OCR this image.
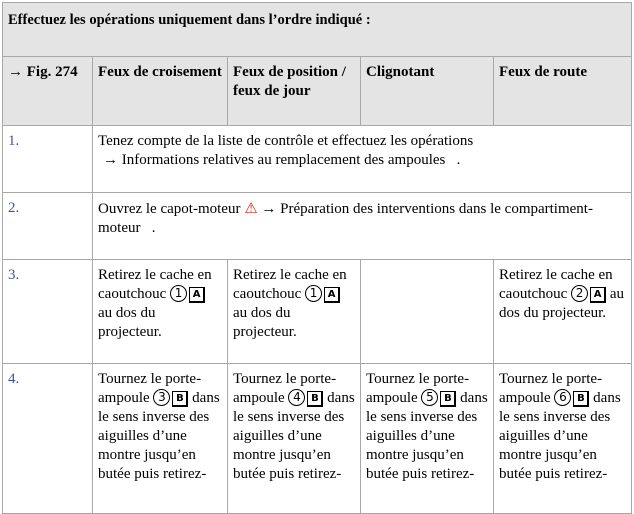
Effectuez les opérations uniquement dans l’ordre indiqué :				
→ Fig. 274	Feux de croisement	Feux de position / feux de jour	Clignotant	Feux de route
1.	Tenez compte de la liste de contrôle et effectuez les opérations
→ Informations relatives au remplacement des ampoules .			

2.	Ouvrez le capot-moteur ⚠ → Préparation des interventions dans le compartiment-moteur .			
3.	Retirez le cache en caoutchouc 1 A au dos du projecteur.	Retirez le cache en caoutchouc 1 A au dos du projecteur.		Retirez le cache en caoutchouc 2 A au dos du projecteur.
4.	Tournez le porte-ampoule 3 B dans le sens inverse des aiguilles d’une montre jusqu’en butée puis retirez-	Tournez le porte-ampoule 4 B dans le sens inverse des aiguilles d’une montre jusqu’en butée puis retirez-	Tournez le porte-ampoule 5 B dans le sens inverse des aiguilles d’une montre jusqu’en butée puis retirez-	Tournez le porte-ampoule 6 B dans le sens inverse des aiguilles d’une montre jusqu’en butée puis retirez-
